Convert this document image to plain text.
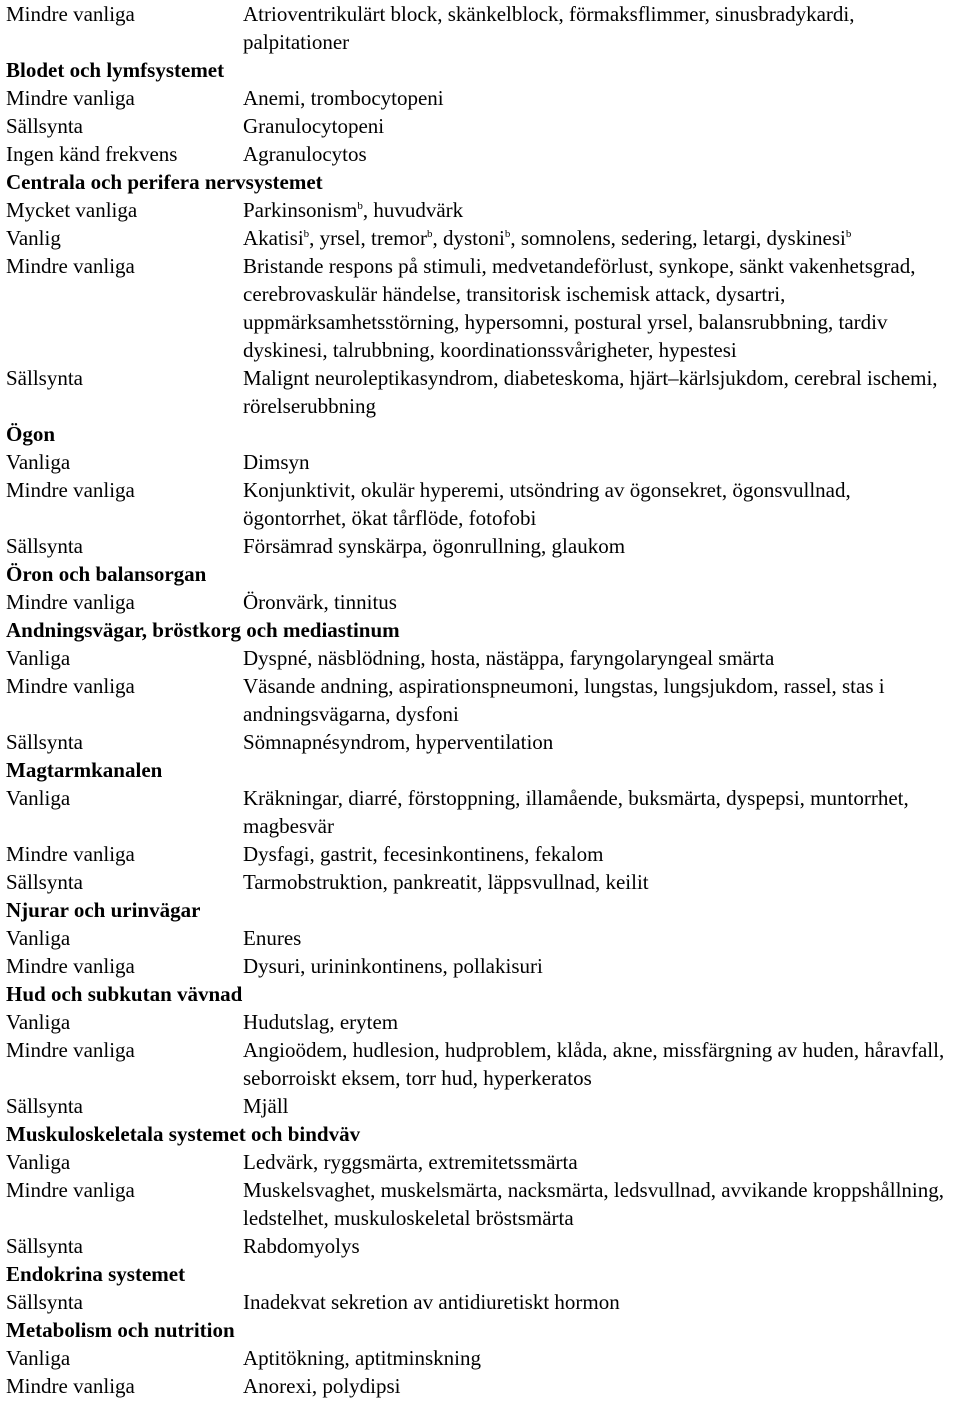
Mindre vanliga	Atrioventrikulärt block, skänkelblock, förmaksflimmer, sinusbradykardi, palpitationer
Blodet och lymfsystemet
Mindre vanliga	Anemi, trombocytopeni
Sällsynta	Granulocytopeni
Ingen känd frekvens	Agranulocytos
Centrala och perifera nervsystemet
Mycket vanliga	Parkinsonism$^b$, huvudvärk
Vanlig	Akatisi$^b$, yrsel, tremor$^b$, dystoni$^b$, somnolens, sedering, letargi, dyskinesi$^b$
Mindre vanliga	Bristande respons på stimuli, medvetandeförlust, synkope, sänkt vakenhetsgrad, cerebrovaskulär händelse, transitorisk ischemisk attack, dysartri, uppmärksamhetsstörning, hypersomni, postural yrsel, balansrubbning, tardiv dyskinesi, talrubbning, koordinationssvårigheter, hypestesi
Sällsynta	Malignt neuroleptikasyndrom, diabeteskoma, hjärt–kärlsjukdom, cerebral ischemi, rörelserubbning
Ögon
Vanliga	Dimsyn
Mindre vanliga	Konjunktivit, okulär hyperemi, utsöndring av ögonsekret, ögonsvullnad, ögontorrhet, ökat tårflöde, fotofobi
Sällsynta	Försämrad synskärpa, ögonrullning, glaukom
Öron och balansorgan
Mindre vanliga	Öronvärk, tinnitus
Andningsvägar, bröstkorg och mediastinum
Vanliga	Dyspné, näsblödning, hosta, nästäppa, faryngolaryngeal smärta
Mindre vanliga	Väsande andning, aspirationspneumoni, lungstas, lungsjukdom, rassel, stas i andningsvägarna, dysfoni
Sällsynta	Sömnapnésyndrom, hyperventilation
Magtarmkanalen
Vanliga	Kräkningar, diarré, förstoppning, illamående, buksmärta, dyspepsi, muntorrhet, magbesvär
Mindre vanliga	Dysfagi, gastrit, fecesinkontinens, fekalom
Sällsynta	Tarmobstruktion, pankreatit, läppsvullnad, keilit
Njurar och urinvägar
Vanliga	Enures
Mindre vanliga	Dysuri, urininkontinens, pollakisuri
Hud och subkutan vävnad
Vanliga	Hudutslag, erytem
Mindre vanliga	Angioödem, hudlesion, hudproblem, klåda, akne, missfärgning av huden, håravfall, seborroiskt eksem, torr hud, hyperkeratos
Sällsynta	Mjäll
Muskuloskeletala systemet och bindväv
Vanliga	Ledvärk, ryggsmärta, extremitetssmärta
Mindre vanliga	Muskelsvaghet, muskelsmärta, nacksmärta, ledsvullnad, avvikande kroppshållning, ledstelhet, muskuloskeletal bröstsmärta
Sällsynta	Rabdomyolys
Endokrina systemet
Sällsynta	Inadekvat sekretion av antidiuretiskt hormon
Metabolism och nutrition
Vanliga	Aptitökning, aptitminskning
Mindre vanliga	Anorexi, polydipsi
